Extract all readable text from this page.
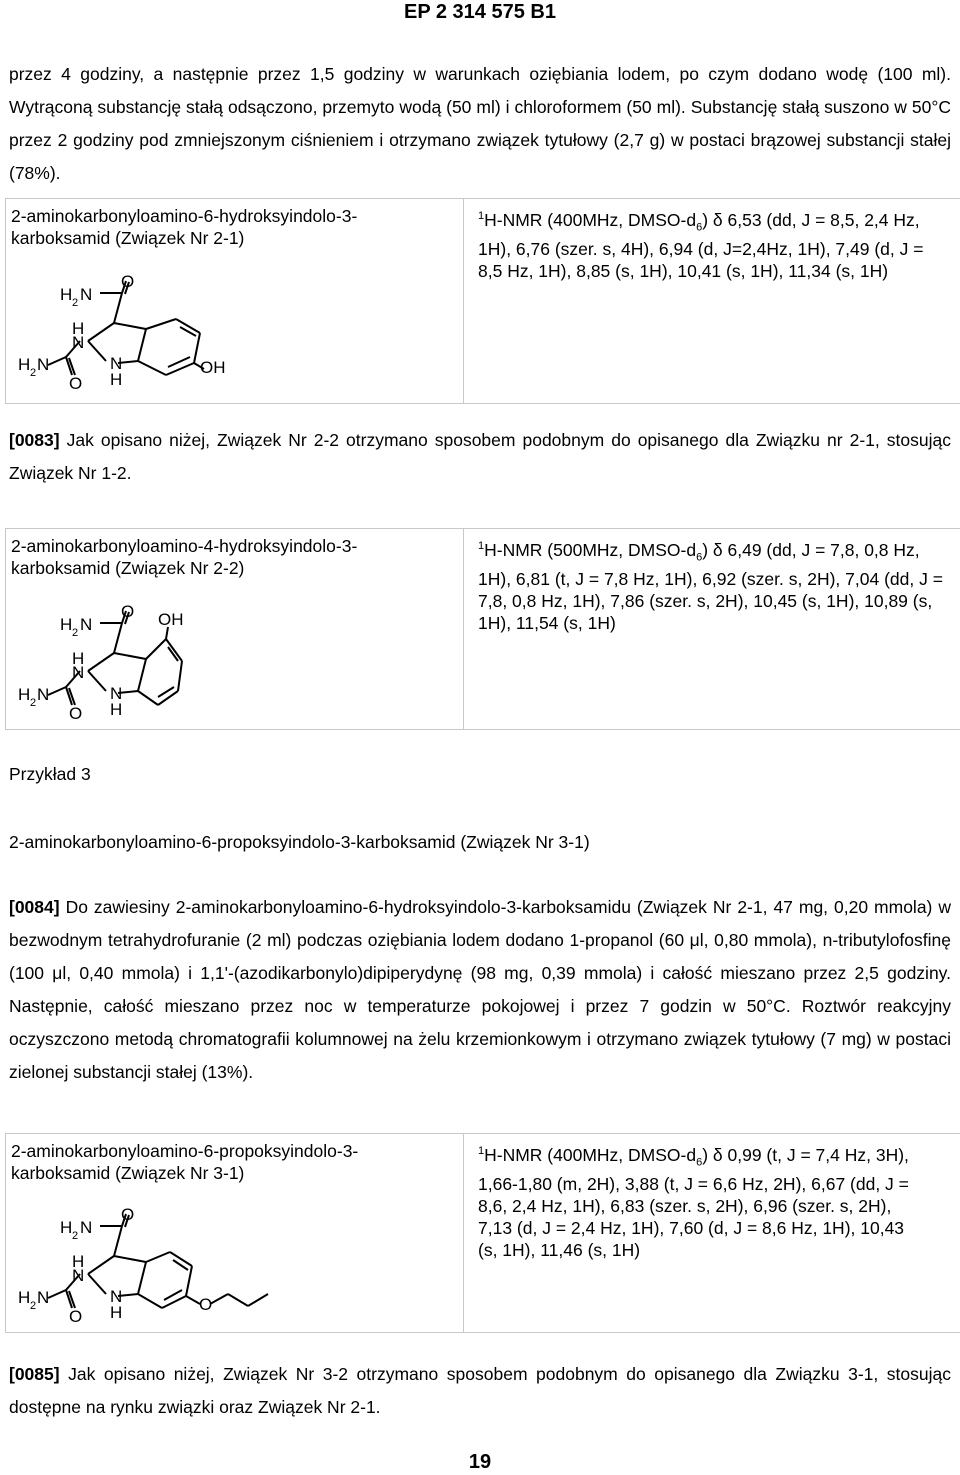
EP 2 314 575 B1
przez 4 godziny, a następnie przez 1,5 godziny w warunkach oziębiania lodem, po czym dodano wodę (100 ml). Wytrąconą substancję stałą odsączono, przemyto wodą (50 ml) i chloroformem (50 ml). Substancję stałą suszono w 50°C przez 2 godziny pod zmniejszonym ciśnieniem i otrzymano związek tytułowy (2,7 g) w postaci brązowej substancji stałej (78%).
2-aminokarbonyloamino-6-hydroksyindolo-3-karboksamid (Związek Nr 2-1)
H 2 N
O
H
N
H 2 N
O
N
H
OH
$^1$H-NMR (400MHz, DMSO-$d_6$) δ 6,53 (dd, J = 8,5, 2,4 Hz, 1H), 6,76 (szer. s, 4H), 6,94 (d, J=2,4Hz, 1H), 7,49 (d, J = 8,5 Hz, 1H), 8,85 (s, 1H), 10,41 (s, 1H), 11,34 (s, 1H)
[0083] Jak opisano niżej, Związek Nr 2-2 otrzymano sposobem podobnym do opisanego dla Związku nr 2-1, stosując Związek Nr 1-2.
2-aminokarbonyloamino-4-hydroksyindolo-3-karboksamid (Związek Nr 2-2)
H 2 N
O OH
H
N
H 2 N
O
N
H
$^1$H-NMR (500MHz, DMSO-$d_6$) δ 6,49 (dd, J = 7,8, 0,8 Hz, 1H), 6,81 (t, J = 7,8 Hz, 1H), 6,92 (szer. s, 2H), 7,04 (dd, J = 7,8, 0,8 Hz, 1H), 7,86 (szer. s, 2H), 10,45 (s, 1H), 10,89 (s, 1H), 11,54 (s, 1H)
Przykład 3
2-aminokarbonyloamino-6-propoksyindolo-3-karboksamid (Związek Nr 3-1)
[0084] Do zawiesiny 2-aminokarbonyloamino-6-hydroksyindolo-3-karboksamidu (Związek Nr 2-1, 47 mg, 0,20 mmola) w bezwodnym tetrahydrofuranie (2 ml) podczas oziębiania lodem dodano 1-propanol (60 μl, 0,80 mmola), n-tributylofosfinę (100 μl, 0,40 mmola) i 1,1'-(azodikarbonylo)dipiperydynę (98 mg, 0,39 mmola) i całość mieszano przez 2,5 godziny. Następnie, całość mieszano przez noc w temperaturze pokojowej i przez 7 godzin w 50°C. Roztwór reakcyjny oczyszczono metodą chromatografii kolumnowej na żelu krzemionkowym i otrzymano związek tytułowy (7 mg) w postaci zielonej substancji stałej (13%).
2-aminokarbonyloamino-6-propoksyindolo-3-karboksamid (Związek Nr 3-1)
H 2 N
O
H
N
H 2 N
O
N
H	O
$^1$H-NMR (400MHz, DMSO-$d_6$) δ 0,99 (t, J = 7,4 Hz, 3H), 1,66-1,80 (m, 2H), 3,88 (t, J = 6,6 Hz, 2H), 6,67 (dd, J = 8,6, 2,4 Hz, 1H), 6,83 (szer. s, 2H), 6,96 (szer. s, 2H), 7,13 (d, J = 2,4 Hz, 1H), 7,60 (d, J = 8,6 Hz, 1H), 10,43 (s, 1H), 11,46 (s, 1H)
[0085] Jak opisano niżej, Związek Nr 3-2 otrzymano sposobem podobnym do opisanego dla Związku 3-1, stosując dostępne na rynku związki oraz Związek Nr 2-1.
19
